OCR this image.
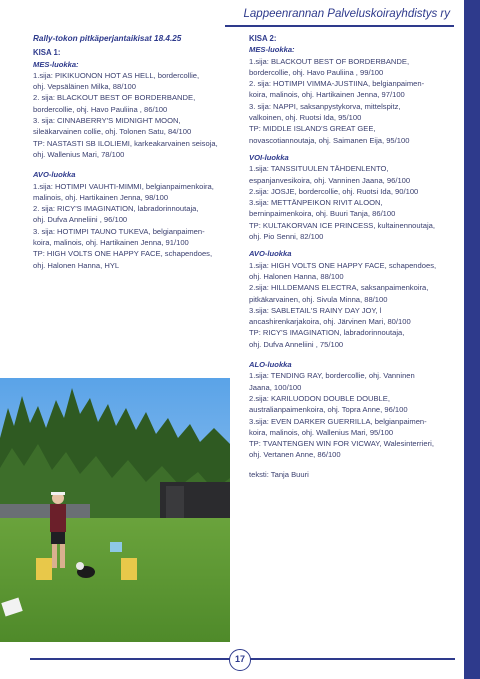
Lappeenrannan Palveluskoirayhdistys ry
Rally-tokon pitkäperjantaikisat 18.4.25
KISA 1:
MES-luokka:
1.sija: PIKIKUONON HOT AS HELL, bordercollie,
ohj. Vepsäläinen Milka, 88/100
2. sija: BLACKOUT BEST OF BORDERBANDE,
bordercollie, ohj. Havo Pauliina , 86/100
3. sija: CINNABERRY'S MIDNIGHT MOON,
sileäkarvainen collie, ohj. Tolonen Satu, 84/100
TP: NASTASTI SB ILOLIEMI, karkeakarvainen seisoja,
ohj. Wallenius Mari, 78/100
AVO-luokka
1.sija: HOTIMPI VAUHTI-MIMMI, belgianpaimenkoira,
malinois, ohj. Hartikainen Jenna, 98/100
2. sija: RICY'S IMAGINATION, labradorinnoutaja,
ohj. Dufva Anneliini , 96/100
3. sija: HOTIMPI TAUNO TUKEVA, belgianpaimen-
koira, malinois, ohj. Hartikainen Jenna, 91/100
TP: HIGH VOLTS ONE HAPPY FACE, schapendoes,
ohj. Halonen Hanna, HYL
KISA 2:
MES-luokka:
1.sija: BLACKOUT BEST OF BORDERBANDE,
bordercollie, ohj. Havo Pauliina , 99/100
2. sija: HOTIMPI VIMMA-JUSTIINA, belgianpaimen-
koira, malinois, ohj. Hartikainen Jenna, 97/100
3. sija: NAPPI, saksanpystykorva, mittelspitz,
valkoinen, ohj. Ruotsi Ida, 95/100
TP: MIDDLE ISLAND'S GREAT GEE,
novascotiannoutaja, ohj. Saimanen Eija, 95/100
VOI-luokka
1.sija: TANSSITUULEN TÄHDENLENTO,
espanjanvesikoira, ohj. Vanninen Jaana, 96/100
2.sija: JOSJE, bordercollie, ohj. Ruotsi Ida, 90/100
3.sija: METTÄNPEIKON RIVIT ALOON,
berninpaimenkoira, ohj. Buuri Tanja, 86/100
TP: KULTAKORVAN ICE PRINCESS, kultainennoutaja,
ohj. Pio Senni, 82/100
AVO-luokka
1.sija: HIGH VOLTS ONE HAPPY FACE, schapendoes,
ohj. Halonen Hanna, 88/100
2.sija: HILLDEMANS ELECTRA, saksanpaimenkoira,
pitkäkarvainen, ohj. Sivula Minna, 88/100
3.sija: SABLETAIL'S RAINY DAY JOY, l
ancashirenkarjakoira, ohj. Järvinen Mari, 80/100
TP: RICY'S IMAGINATION, labradorinnoutaja,
ohj. Dufva Anneliini , 75/100
ALO-luokka
1.sija: TENDING RAY, bordercollie, ohj. Vanninen
Jaana, 100/100
2.sija: KARILUODON DOUBLE DOUBLE,
australianpaimenkoira, ohj. Topra Anne, 96/100
3.sija: EVEN DARKER GUERRILLA, belgianpaimen-
koira, malinois, ohj. Wallenius Mari, 95/100
TP: TVANTENGEN WIN FOR VICWAY, Walesinterrieri,
ohj. Vertanen Anne, 86/100
teksti: Tanja Buuri
17
